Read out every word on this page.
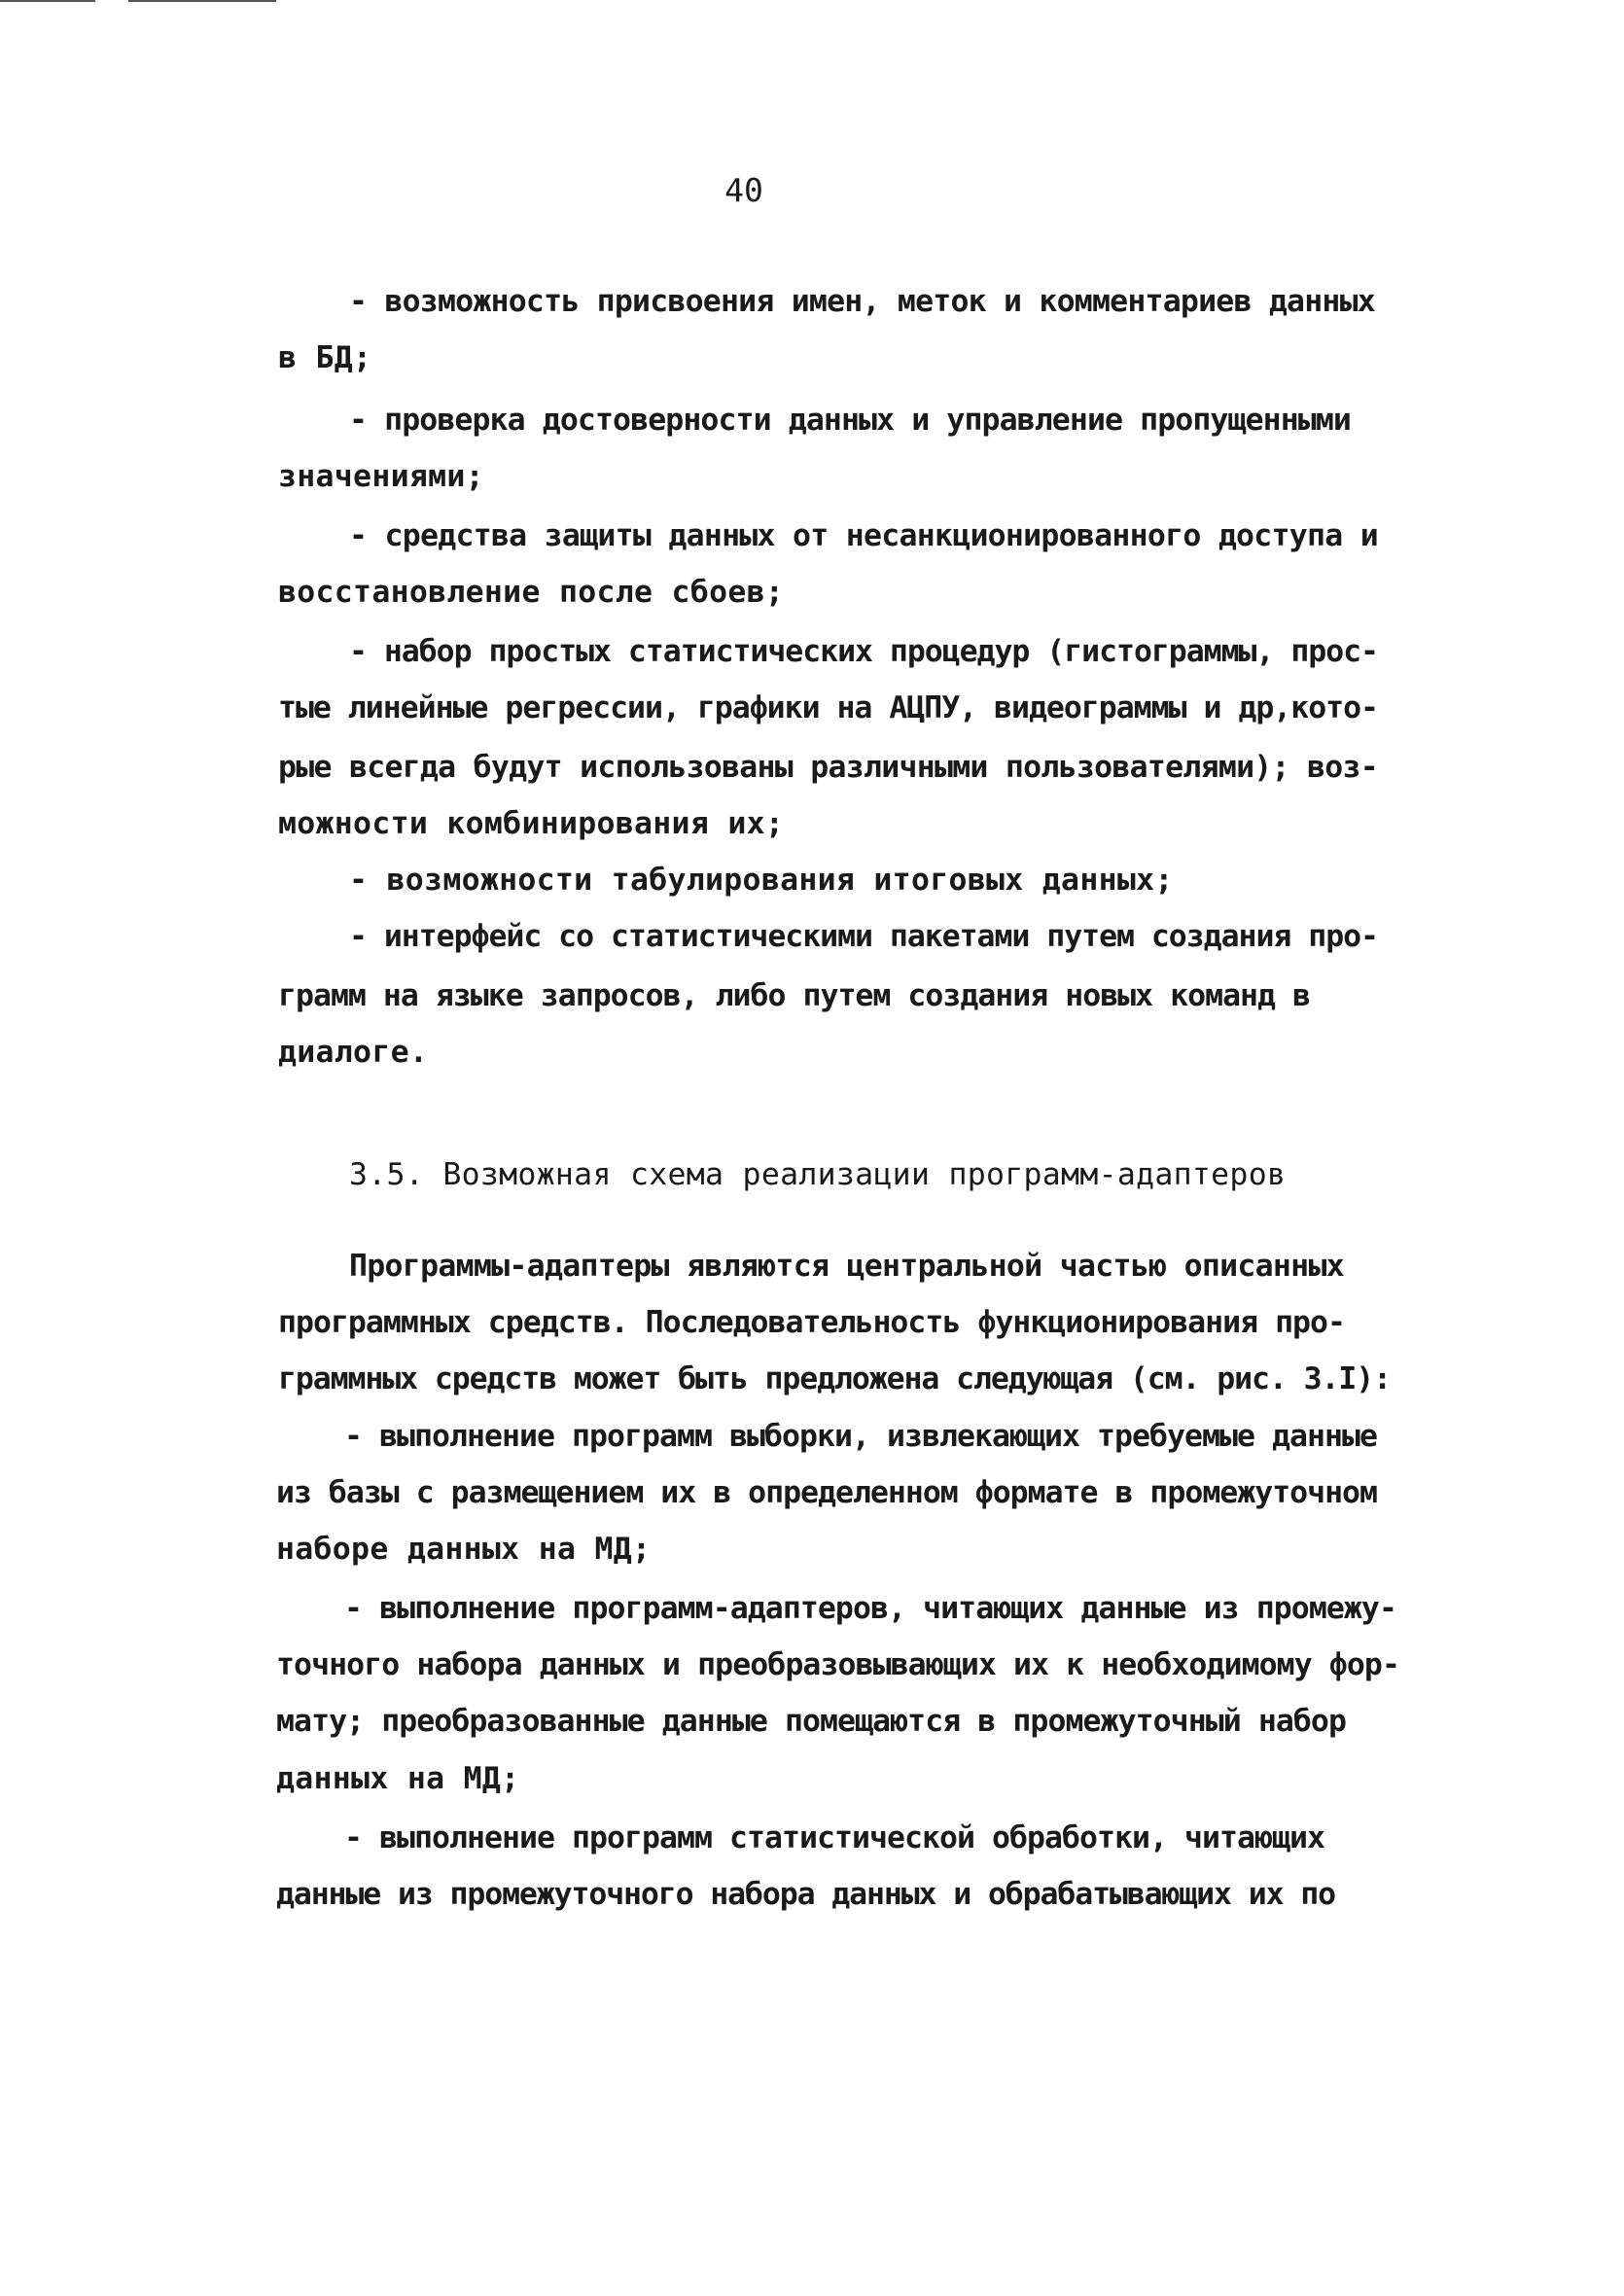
40
- возможность присвоения имен, меток и комментариев данных
в БД;
- проверка достоверности данных и управление пропущенными
значениями;
- средства защиты данных от несанкционированного доступа и
восстановление после сбоев;
- набор простых статистических процедур (гистограммы, прос-
тые линейные регрессии, графики на АЦПУ, видеограммы и др,кото-
рые всегда будут использованы различными пользователями); воз-
можности комбинирования их;
- возможности табулирования итоговых данных;
- интерфейс со статистическими пакетами путем создания про-
грамм на языке запросов, либо путем создания новых команд в
диалоге.
3.5. Возможная схема реализации программ-адаптеров
Программы-адаптеры являются центральной частью описанных
программных средств. Последовательность функционирования про-
граммных средств может быть предложена следующая (см. рис. 3.I):
- выполнение программ выборки, извлекающих требуемые данные
из базы с размещением их в определенном формате в промежуточном
наборе данных на МД;
- выполнение программ-адаптеров, читающих данные из промежу-
точного набора данных и преобразовывающих их к необходимому фор-
мату; преобразованные данные помещаются в промежуточный набор
данных на МД;
- выполнение программ статистической обработки, читающих
данные из промежуточного набора данных и обрабатывающих их по
